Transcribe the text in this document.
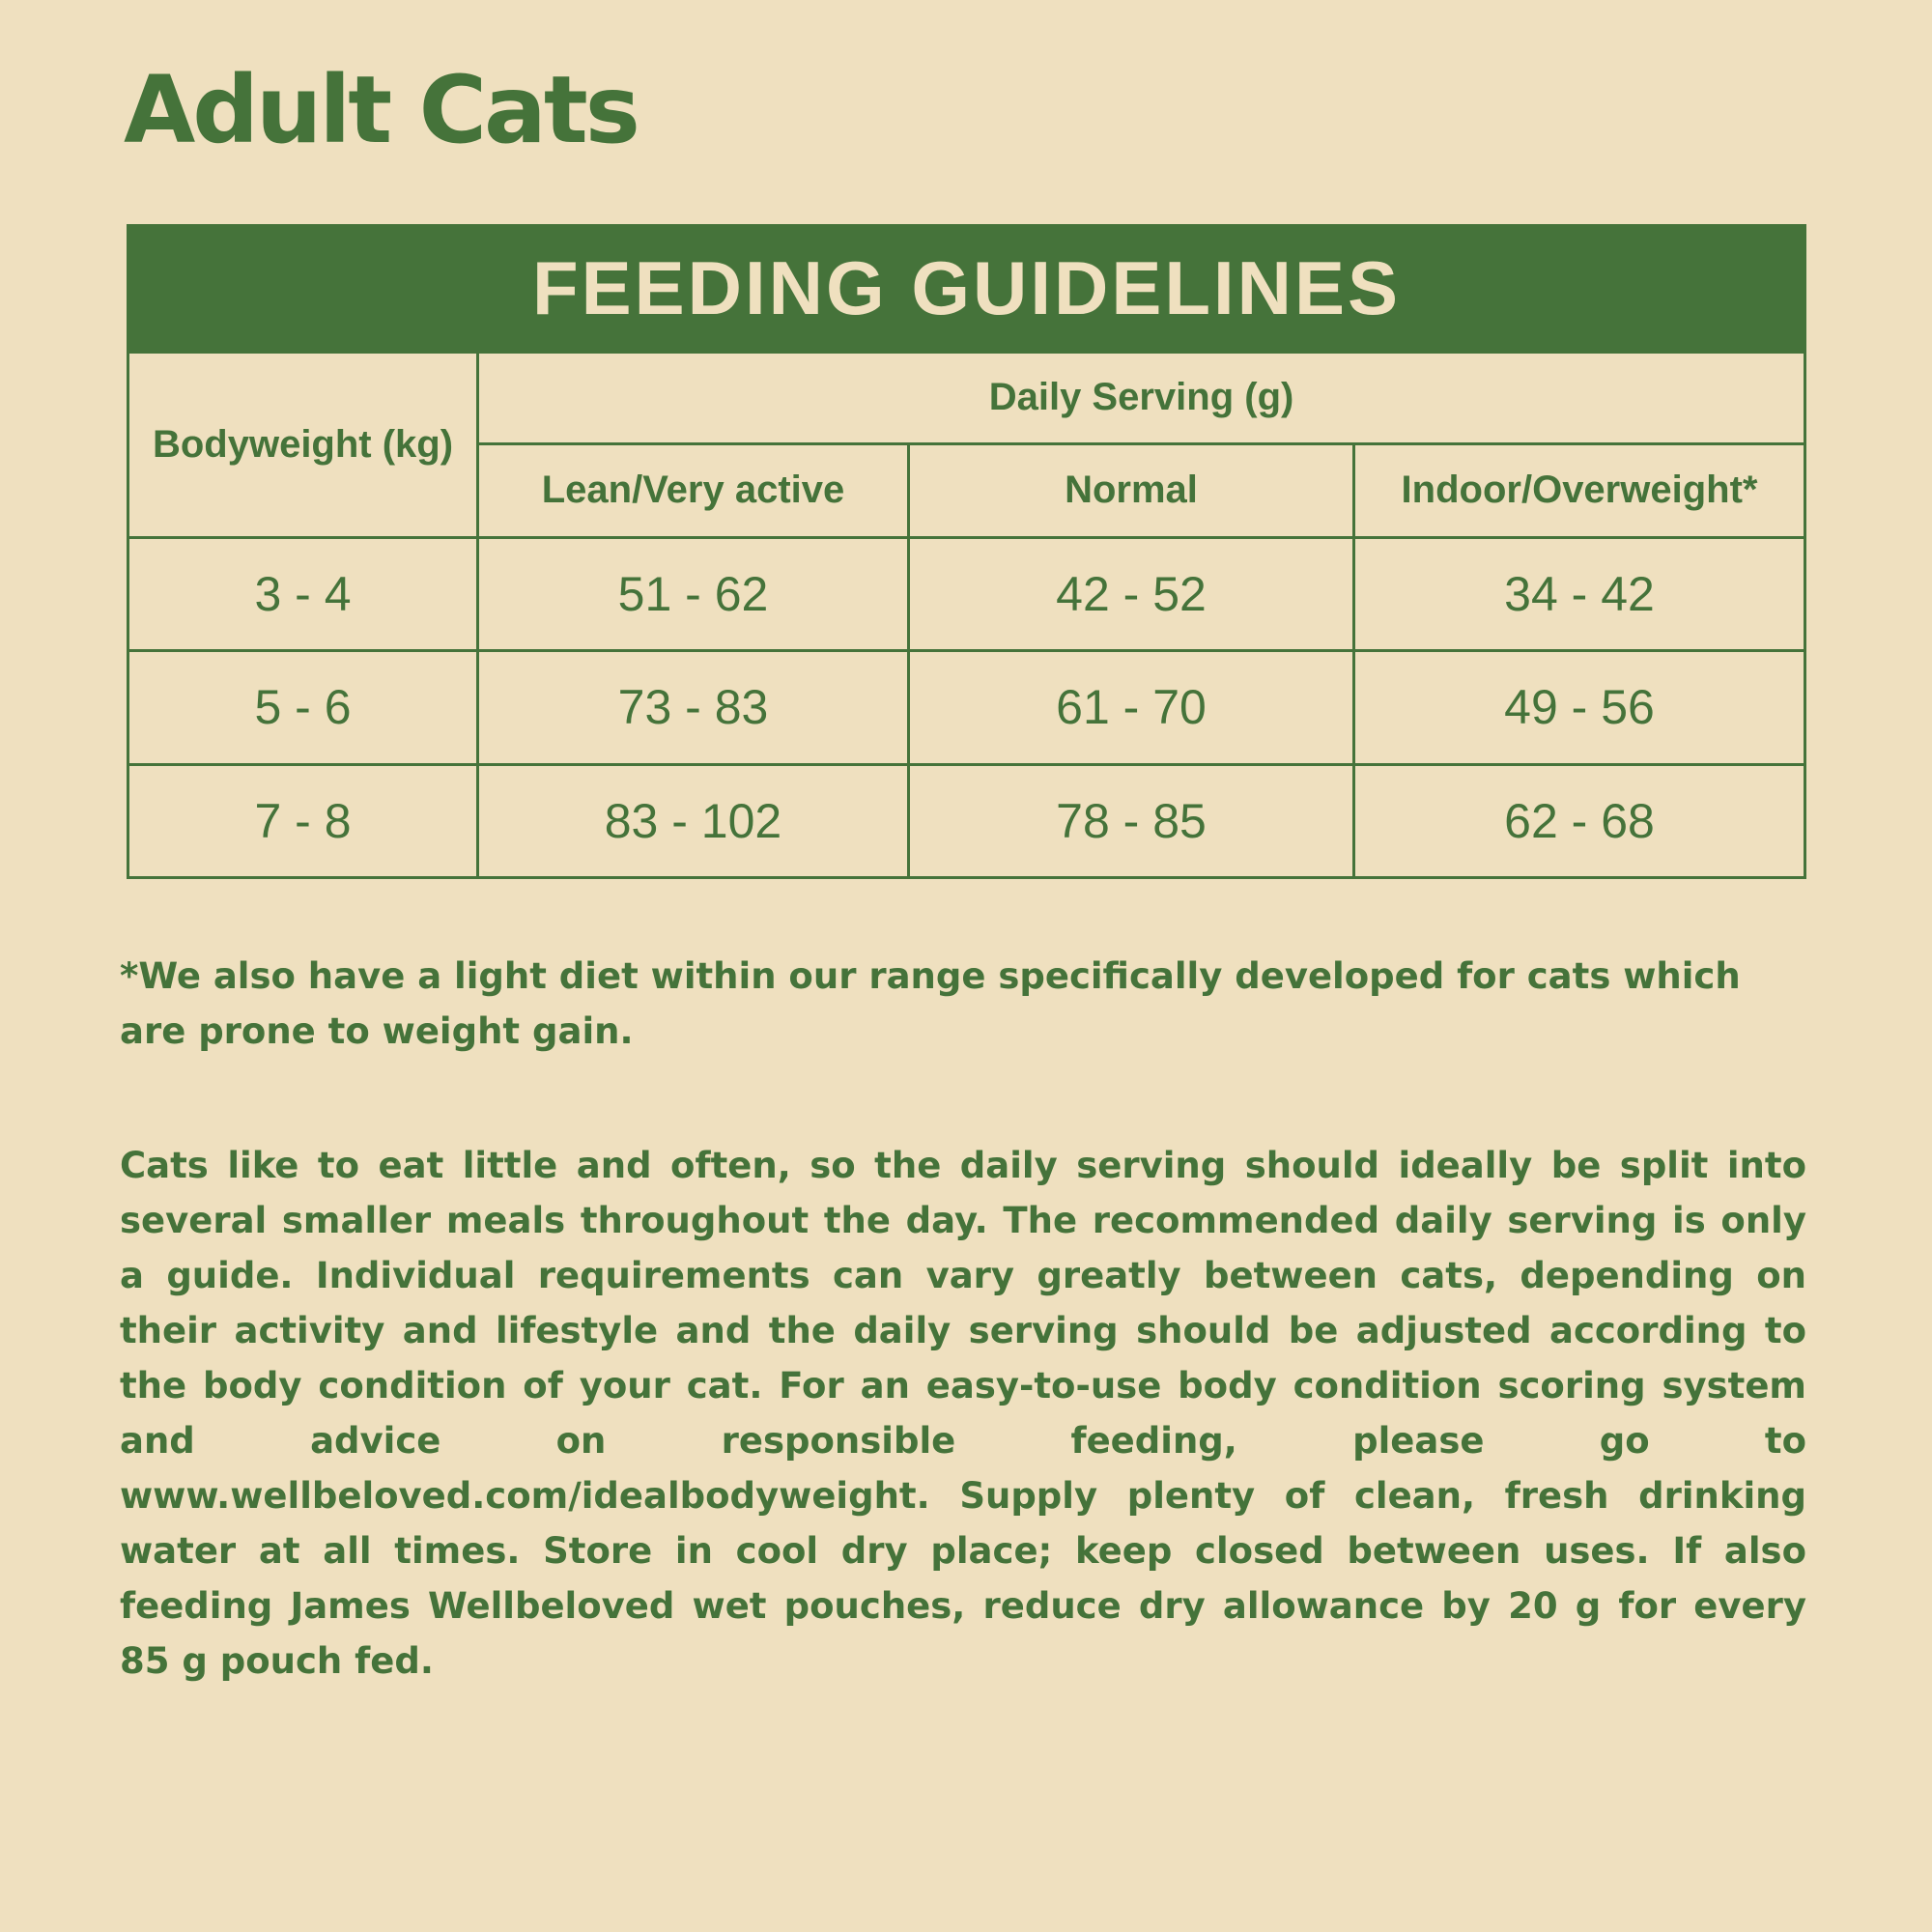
Adult Cats
FEEDING GUIDELINES			
Bodyweight (kg)	Daily Serving (g)		
	Lean/Very active	Normal	Indoor/Overweight*
3 - 4	51 - 62	42 - 52	34 - 42
5 - 6	73 - 83	61 - 70	49 - 56
7 - 8	83 - 102	78 - 85	62 - 68

*We also have a light diet within our range specifically developed for cats which are prone to weight gain.

Cats like to eat little and often, so the daily serving should ideally be split into several smaller meals throughout the day. The recommended daily serving is only a guide. Individual requirements can vary greatly between cats, depending on their activity and lifestyle and the daily serving should be adjusted according to the body condition of your cat. For an easy-to-use body condition scoring system and advice on responsible feeding, please go to www.wellbeloved.com/idealbodyweight. Supply plenty of clean, fresh drinking water at all times. Store in cool dry place; keep closed between uses. If also feeding James Wellbeloved wet pouches, reduce dry allowance by 20 g for every 85 g pouch fed.
